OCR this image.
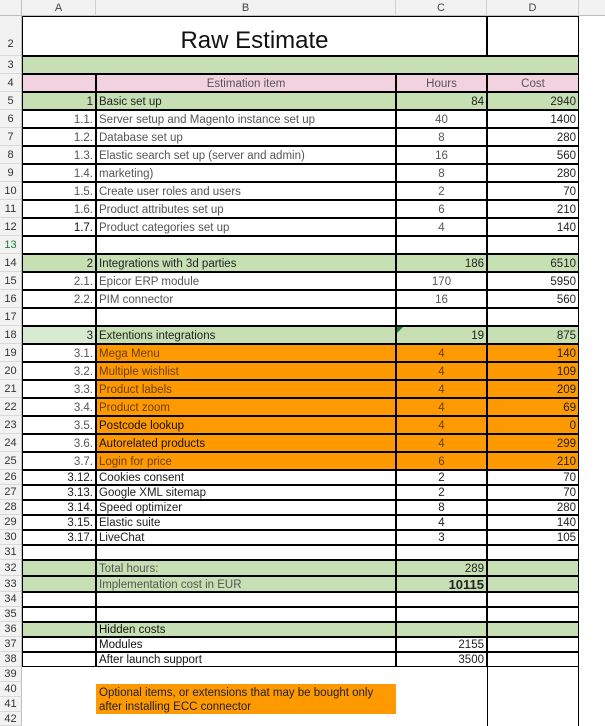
A	B	C	D
2
3
4
5
6
7
8
9
10
11
12
13
14
15
16
17
18
19
20
21
22
23
24
25
26
27
28
29
30
31
32
33
34
35
36
37
38
39
40
41
42
Raw Estimate
Estimation item	Hours	Cost
1 Basic set up	84	2940
1.1. Server setup and Magento instance set up	40	1400
1.2. Database set up	8	280
1.3. Elastic search set up (server and admin)	16	560
1.4. marketing)	8	280
1.5. Create user roles and users	2	70
1.6. Product attributes set up	6	210
1.7. Product categories set up	4	140
2 Integrations with 3d parties	186	6510
2.1. Epicor ERP module	170	5950
2.2. PIM connector	16	560
3 Extentions integrations	19	875
3.1. Mega Menu	4	140
3.2. Multiple wishlist	4	109
3.3. Product labels	4	209
3.4. Product zoom	4	69
3.5. Postcode lookup	4	0
3.6. Autorelated products	4	299
3.7. Login for price	6	210
3.12. Cookies consent	2	70
3.13. Google XML sitemap	2	70
3.14. Speed optimizer	8	280
3.15. Elastic suite	4	140
3.17. LiveChat	3	105
Total hours:	289
Implementation cost in EUR	10115
Hidden costs
Modules	2155
After launch support	3500
Optional items, or extensions that may be bought only after installing ECC connector
